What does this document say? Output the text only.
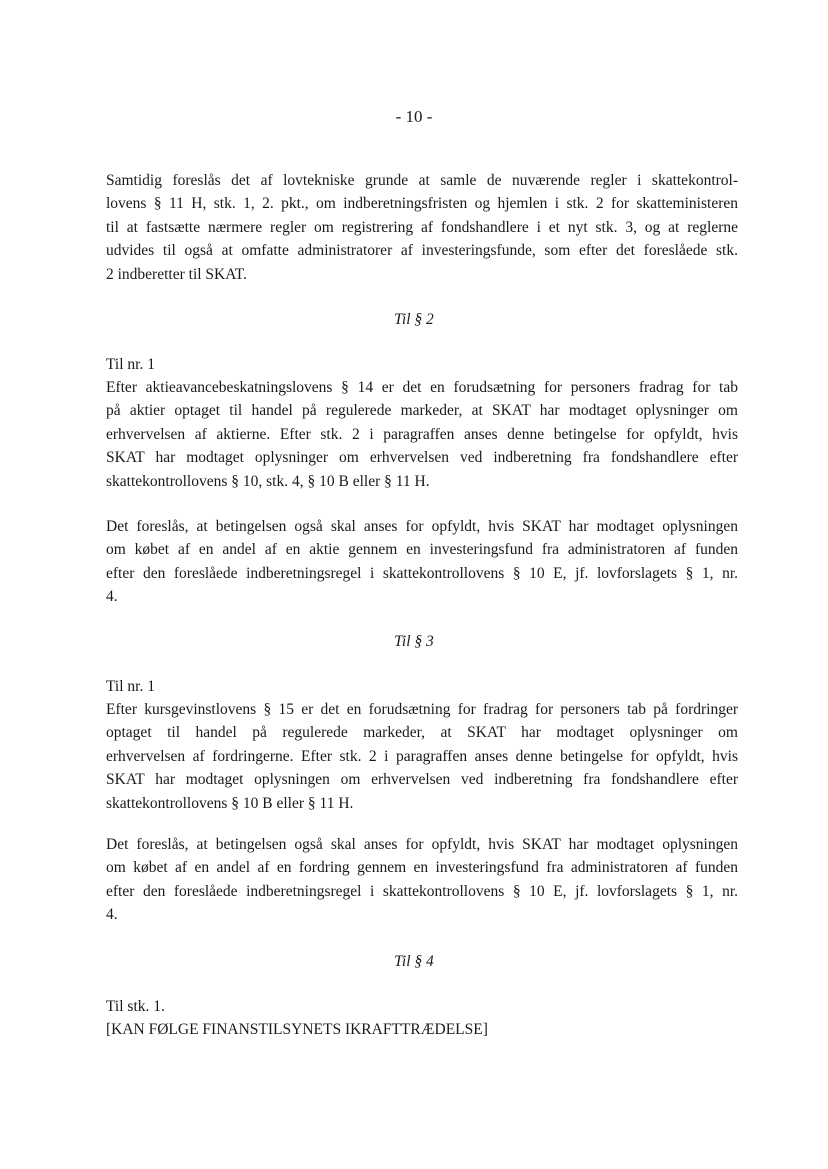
- 10 -
Samtidig foreslås det af lovtekniske grunde at samle de nuværende regler i skattekontrol-
lovens § 11 H, stk. 1, 2. pkt., om indberetningsfristen og hjemlen i stk. 2 for skatteministeren
til at fastsætte nærmere regler om registrering af fondshandlere i et nyt stk. 3, og at reglerne
udvides til også at omfatte administratorer af investeringsfunde, som efter det foreslåede stk.
2 indberetter til SKAT.
Til § 2
Til nr. 1
Efter aktieavancebeskatningslovens § 14 er det en forudsætning for personers fradrag for tab
på aktier optaget til handel på regulerede markeder, at SKAT har modtaget oplysninger om
erhvervelsen af aktierne. Efter stk. 2 i paragraffen anses denne betingelse for opfyldt, hvis
SKAT har modtaget oplysninger om erhvervelsen ved indberetning fra fondshandlere efter
skattekontrollovens § 10, stk. 4, § 10 B eller § 11 H.
Det foreslås, at betingelsen også skal anses for opfyldt, hvis SKAT har modtaget oplysningen
om købet af en andel af en aktie gennem en investeringsfund fra administratoren af funden
efter den foreslåede indberetningsregel i skattekontrollovens § 10 E, jf. lovforslagets § 1, nr.
4.
Til § 3
Til nr. 1
Efter kursgevinstlovens § 15 er det en forudsætning for fradrag for personers tab på fordringer
optaget til handel på regulerede markeder, at SKAT har modtaget oplysninger om
erhvervelsen af fordringerne. Efter stk. 2 i paragraffen anses denne betingelse for opfyldt, hvis
SKAT har modtaget oplysningen om erhvervelsen ved indberetning fra fondshandlere efter
skattekontrollovens § 10 B eller § 11 H.
Det foreslås, at betingelsen også skal anses for opfyldt, hvis SKAT har modtaget oplysningen
om købet af en andel af en fordring gennem en investeringsfund fra administratoren af funden
efter den foreslåede indberetningsregel i skattekontrollovens § 10 E, jf. lovforslagets § 1, nr.
4.
Til § 4
Til stk. 1.
[KAN FØLGE FINANSTILSYNETS IKRAFTTRÆDELSE]
